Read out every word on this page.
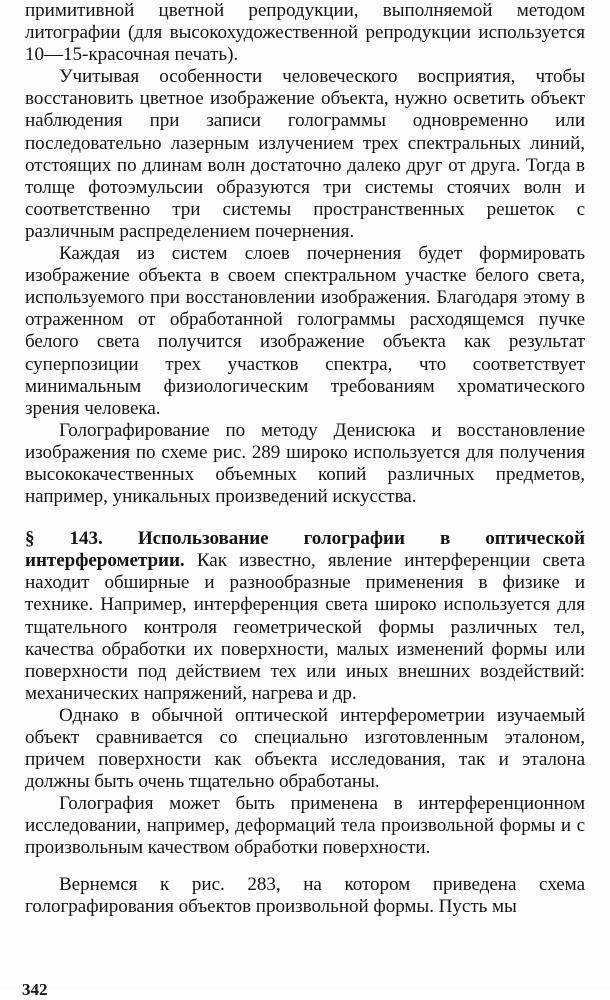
примитивной цветной репродукции, выполняемой методом литографии (для высокохудожественной репродукции используется 10—15-красочная печать).

Учитывая особенности человеческого восприятия, чтобы восстановить цветное изображение объекта, нужно осветить объект наблюдения при записи голограммы одновременно или последовательно лазерным излучением трех спектральных линий, отстоящих по длинам волн достаточно далеко друг от друга. Тогда в толще фотоэмульсии образуются три системы стоячих волн и соответственно три системы пространственных решеток с различным распределением почернения.

Каждая из систем слоев почернения будет формировать изображение объекта в своем спектральном участке белого света, используемого при восстановлении изображения. Благодаря этому в отраженном от обработанной голограммы расходящемся пучке белого света получится изображение объекта как результат суперпозиции трех участков спектра, что соответствует минимальным физиологическим требованиям хроматического зрения человека.

Голографирование по методу Денисюка и восстановление изображения по схеме рис. 289 широко используется для получения высококачественных объемных копий различных предметов, например, уникальных произведений искусства.

§ 143. Использование голографии в оптической интерферометрии. Как известно, явление интерференции света находит обширные и разнообразные применения в физике и технике. Например, интерференция света широко используется для тщательного контроля геометрической формы различных тел, качества обработки их поверхности, малых изменений формы или поверхности под действием тех или иных внешних воздействий: механических напряжений, нагрева и др.

Однако в обычной оптической интерферометрии изучаемый объект сравнивается со специально изготовленным эталоном, причем поверхности как объекта исследования, так и эталона должны быть очень тщательно обработаны.

Голография может быть применена в интерференционном исследовании, например, деформаций тела произвольной формы и с произвольным качеством обработки поверхности.

Вернемся к рис. 283, на котором приведена схема голографирования объектов произвольной формы. Пусть мы

342
